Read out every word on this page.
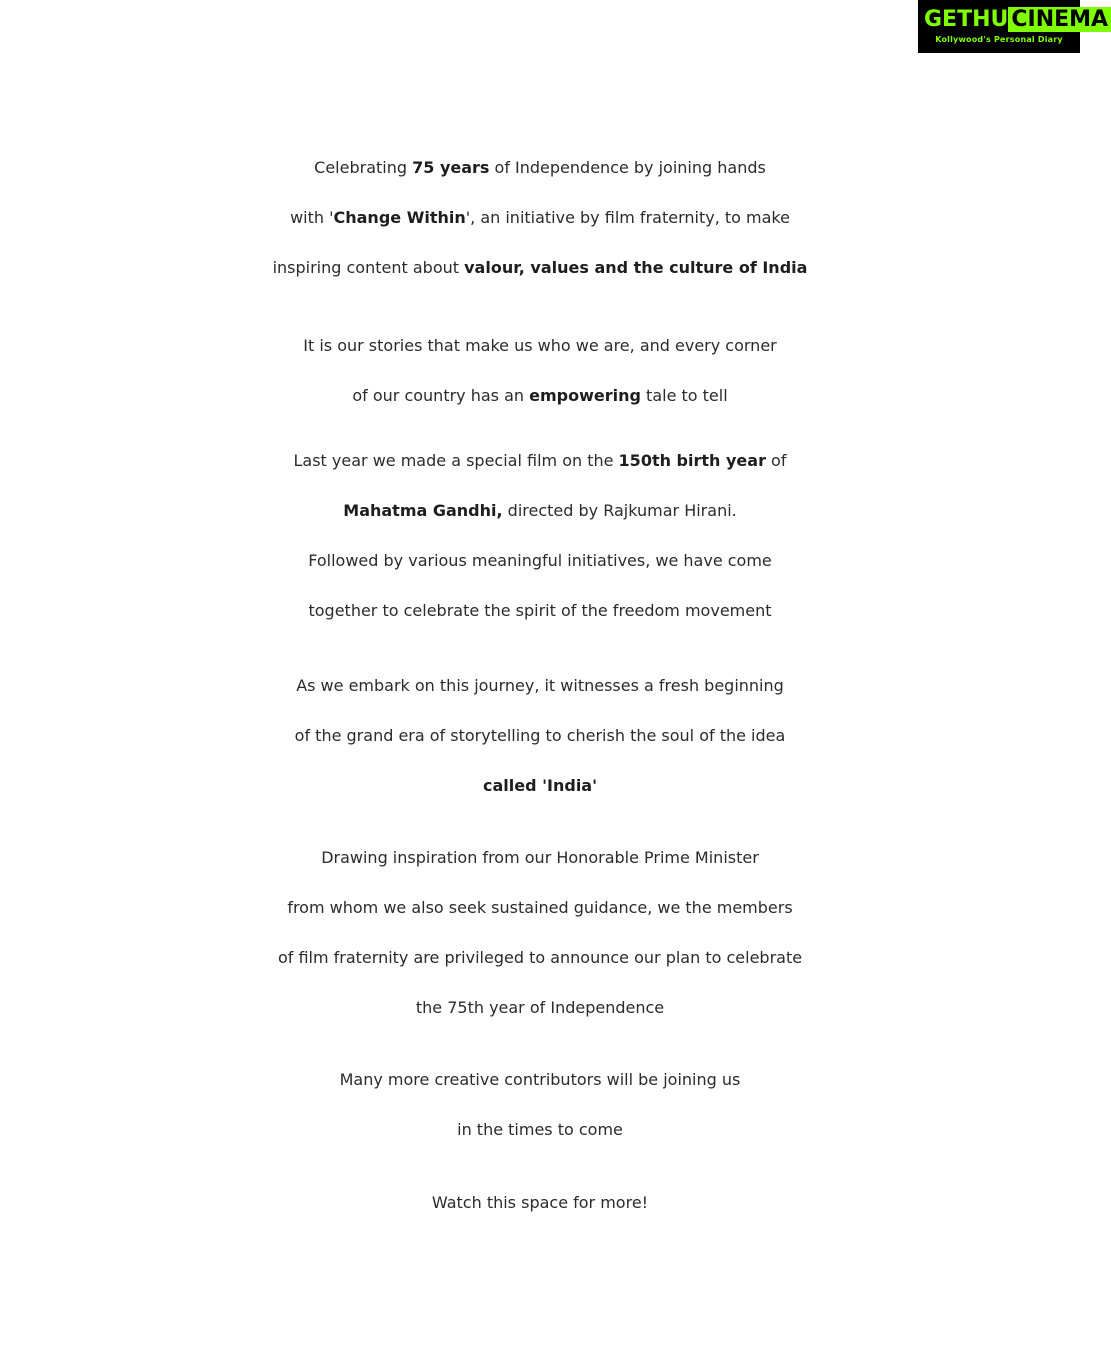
GETHU CINEMA
Kollywood's Personal Diary
Celebrating 75 years of Independence by joining hands
with 'Change Within', an initiative by film fraternity, to make
inspiring content about valour, values and the culture of India
It is our stories that make us who we are, and every corner
of our country has an empowering tale to tell
Last year we made a special film on the 150th birth year of
Mahatma Gandhi, directed by Rajkumar Hirani.
Followed by various meaningful initiatives, we have come
together to celebrate the spirit of the freedom movement
As we embark on this journey, it witnesses a fresh beginning
of the grand era of storytelling to cherish the soul of the idea
called 'India'
Drawing inspiration from our Honorable Prime Minister
from whom we also seek sustained guidance, we the members
of film fraternity are privileged to announce our plan to celebrate
the 75th year of Independence
Many more creative contributors will be joining us
in the times to come
Watch this space for more!
